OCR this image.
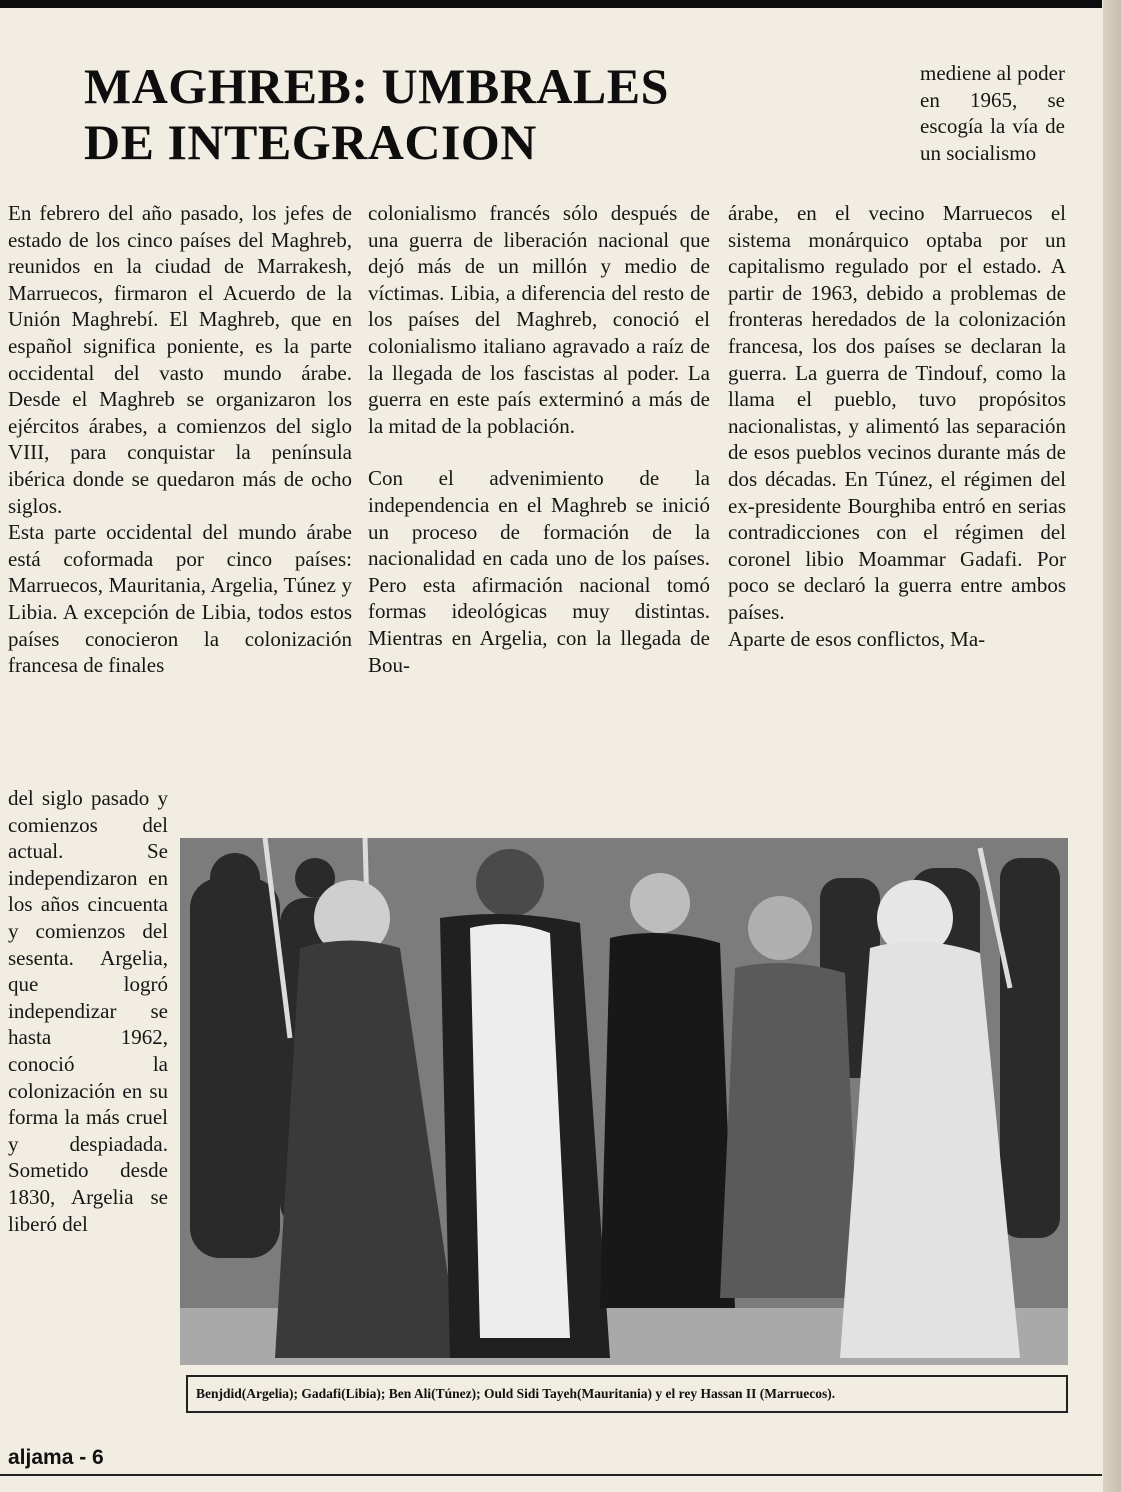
MAGHREB: UMBRALES
DE INTEGRACION

En febrero del año pasado, los jefes de estado de los cinco países del Maghreb, reunidos en la ciudad de Marrakesh, Marruecos, firmaron el Acuerdo de la Unión Maghrebí. El Maghreb, que en español significa poniente, es la parte occidental del vasto mundo árabe. Desde el Maghreb se organizaron los ejércitos árabes, a comienzos del siglo VIII, para conquistar la península ibérica donde se quedaron más de ocho siglos.

Esta parte occidental del mundo árabe está coformada por cinco países: Marruecos, Mauritania, Argelia, Túnez y Libia. A excepción de Libia, todos estos países conocieron la colonización francesa de finales

del siglo pasado y comienzos del actual. Se independizaron en los años cincuenta y comienzos del sesenta. Argelia, que logró independizar se hasta 1962, conoció la colonización en su forma la más cruel y despiadada. Sometido desde 1830, Argelia se liberó del

colonialismo francés sólo después de una guerra de liberación nacional que dejó más de un millón y medio de víctimas. Libia, a diferencia del resto de los países del Maghreb, conoció el colonialismo italiano agravado a raíz de la llegada de los fascistas al poder. La guerra en este país exterminó a más de la mitad de la población.

Con el advenimiento de la independencia en el Maghreb se inició un proceso de formación de la nacionalidad en cada uno de los países. Pero esta afirmación nacional tomó formas ideológicas muy distintas. Mientras en Argelia, con la llegada de Bou-

mediene al poder en 1965, se escogía la vía de un socialismo

árabe, en el vecino Marruecos el sistema monárquico optaba por un capitalismo regulado por el estado. A partir de 1963, debido a problemas de fronteras heredados de la colonización francesa, los dos países se declaran la guerra. La guerra de Tindouf, como la llama el pueblo, tuvo propósitos nacionalistas, y alimentó las separación de esos pueblos vecinos durante más de dos décadas. En Túnez, el régimen del ex-presidente Bourghiba entró en serias contradicciones con el régimen del coronel libio Moammar Gadafi. Por poco se declaró la guerra entre ambos países.

Aparte de esos conflictos, Ma-

Benjdid(Argelia); Gadafi(Libia); Ben Ali(Túnez); Ould Sidi Tayeh(Mauritania) y el rey Hassan II (Marruecos).
aljama - 6
